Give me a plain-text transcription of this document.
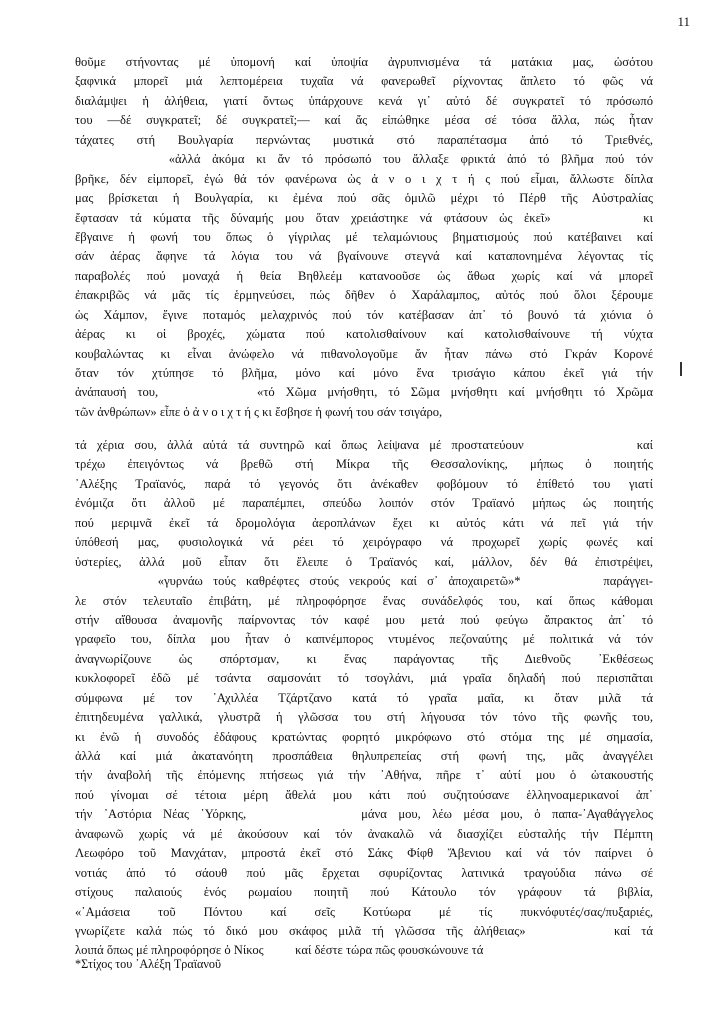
11
θοῦμε στήνοντας μέ ὑπομονή καί ὑποψία ἀγρυπνισμένα τά ματάκια μας, ὡσότου
ξαφνικά μπορεῖ μιά λεπτομέρεια τυχαῖα νά φανερωθεῖ ρίχνοντας ἄπλετο τό φῶς νά
διαλάμψει ἡ ἀλήθεια, γιατί ὄντως ὑπάρχουνε κενά γι᾽ αὐτό δέ συγκρατεῖ τό πρόσωπό
του —δέ συγκρατεῖ; δέ συγκρατεῖ;— καί ἄς εἰπώθηκε μέσα σέ τόσα ἄλλα, πώς ἦταν
τάχατες στή Βουλγαρία περνώντας μυστικά στό παραπέτασμα ἀπό τό Τριεθνές,
«ἀλλά ἀκόμα κι ἄν τό πρόσωπό του ἄλλαξε φρικτά ἀπό τό βλῆμα πού τόν
βρῆκε, δέν εἰμπορεῖ, ἐγώ θά τόν φανέρωνα ὡς ἀ ν ο ι χ τ ή ς πού εἶμαι, ἄλλωστε δίπλα
μας βρίσκεται ἡ Βουλγαρία, κι ἐμένα πού σᾶς ὁμιλῶ μέχρι τό Πέρθ τῆς Αὐστραλίας
ἔφτασαν τά κύματα τῆς δύναμής μου ὅταν χρειάστηκε νά φτάσουν ὡς ἐκεῖ»        κι
ἔβγαινε ἡ φωνή του ὅπως ὁ γίγριλας μέ τελαμώνιους βηματισμούς πού κατέβαινει καί
σάν ἀέρας ἄφηνε τά λόγια του νά βγαίνουνε στεγνά καί καταπονημένα λέγοντας τίς
παραβολές πού μοναχά ἡ θεία Βηθλεέμ κατανοοῦσε ὡς ἄθωα χωρίς καί νά μπορεῖ
ἐπακριβῶς νά μᾶς τίς ἑρμηνεύσει, πώς δῆθεν ὁ Χαράλαμπος, αὐτός πού ὅλοι ξέρουμε
ὡς Χάμπον, ἔγινε ποταμός μελαχρινός πού τόν κατέβασαν ἀπ᾽ τό βουνό τά χιόνια ὁ
ἀέρας κι οἱ βροχές, χώματα πού κατολισθαίνουν καί κατολισθαίνουνε τή νύχτα
κουβαλώντας κι εἶναι ἀνώφελο νά πιθανολογοῦμε ἄν ἦταν πάνω στό Γκράν Κορονέ
ὅταν τόν χτύπησε τό βλῆμα, μόνο καί μόνο ἕνα τρισάγιο κάπου ἐκεῖ γιά τήν
ἀνάπαυσή του,         «τό Χῶμα μνήσθητι, τό Σῶμα μνήσθητι καί μνήσθητι τό Χρῶμα
τῶν ἀνθρώπων» εἶπε ὁ ἀ ν ο ι χ τ ή ς κι ἔσβησε ἡ φωνή του σάν τσιγάρο,
τά χέρια σου, ἀλλά αὐτά τά συντηρῶ καί ὅπως λείψανα μέ προστατεύουν           καί
τρέχω ἐπειγόντως νά βρεθῶ στή Μίκρα τῆς Θεσσαλονίκης, μήπως ὁ ποιητής
᾽Αλέξης Τραϊανός, παρά τό γεγονός ὅτι ἀνέκαθεν φοβόμουν τό ἐπίθετό του γιατί
ἐνόμιζα ὅτι ἀλλοῦ μέ παραπέμπει, σπεύδω λοιπόν στόν Τραϊανό μήπως ὡς ποιητής
πού μεριμνᾶ ἐκεῖ τά δρομολόγια ἀεροπλάνων ἔχει κι αὐτός κάτι νά πεῖ γιά τήν
ὑπόθεσή μας, φυσιολογικά νά ρέει τό χειρόγραφο νά προχωρεῖ χωρίς φωνές καί
ὑστερίες, ἀλλά μοῦ εἶπαν ὅτι ἔλειπε ὁ Τραϊανός καί, μάλλον, δέν θά ἐπιστρέψει,
«γυρνάω τούς καθρέφτες στούς νεκρούς καί σ᾽ ἀποχαιρετῶ»*        παράγγει-
λε στόν τελευταῖο ἐπιβάτη, μέ πληροφόρησε ἕνας συνάδελφός του, καί ὅπως κάθομαι
στήν αἴθουσα ἀναμονῆς παίρνοντας τόν καφέ μου μετά πού φεύγω ἄπρακτος ἀπ᾽ τό
γραφεῖο του, δίπλα μου ἦταν ὁ καπνέμπορος ντυμένος πεζοναύτης μέ πολιτικά νά τόν
ἀναγνωρίζουνε ὡς σπόρτσμαν, κι ἕνας παράγοντας τῆς Διεθνοῦς ᾽Εκθέσεως
κυκλοφορεῖ ἐδῶ μέ τσάντα σαμσονάιτ τό τσογλάνι, μιά γραῖα δηλαδή πού περισπᾶται
σύμφωνα μέ τον ᾽Αχιλλέα Τζάρτζανο κατά τό γραῖα μαῖα, κι ὅταν μιλᾶ τά
ἐπιτηδευμένα γαλλικά, γλυστρᾶ ἡ γλῶσσα του στή λήγουσα τόν τόνο τῆς φωνῆς του,
κι ἐνῶ ἡ συνοδός ἐδάφους κρατώντας φορητό μικρόφωνο στό στόμα της μέ σημασία,
ἀλλά καί μιά ἀκατανόητη προσπάθεια θηλυπρεπείας στή φωνή της, μᾶς ἀναγγέλει
τήν ἀναβολή τῆς ἐπόμενης πτήσεως γιά τήν ᾽Αθήνα, πῆρε τ᾽ αὐτί μου ὁ ὠτακουστής
πού γίνομαι σέ τέτοια μέρη ἄθελά μου κάτι πού συζητούσανε ἑλληνοαμερικανοί ἀπ᾽
τήν ᾽Αστόρια Νέας ῾Υόρκης,          μάνα μου, λέω μέσα μου, ὁ παπα-᾽Αγαθάγγελος
ἀναφωνῶ χωρίς νά μέ ἀκούσουν καί τόν ἀνακαλῶ νά διασχίζει εὐσταλής τήν Πέμπτη
Λεωφόρο τοῦ Μανχάταν, μπροστά ἐκεῖ στό Σάκς Φίφθ Ἄβενιου καί νά τόν παίρνει ὁ
νοτιάς ἀπό τό σάουθ πού μᾶς ἔρχεται σφυρίζοντας λατινικά τραγούδια πάνω σέ
στίχους παλαιούς ἑνός ρωμαίου ποιητῆ πού Κάτουλο τόν γράφουν τά βιβλία,
«᾽Αμάσεια τοῦ Πόντου καί σεῖς Κοτύωρα μέ τίς πυκνόφυτές/σας/πυξαριές,
γνωρίζετε καλά πώς τό δικό μου σκάφος μιλᾶ τή γλῶσσα τῆς ἀλήθειας»        καί τά
λοιπά ὅπως μέ πληροφόρησε ὁ Νίκος          καί δέστε τώρα πῶς φουσκώνουνε τά
*Στίχος του ᾽Αλέξη Τραϊανοῦ
